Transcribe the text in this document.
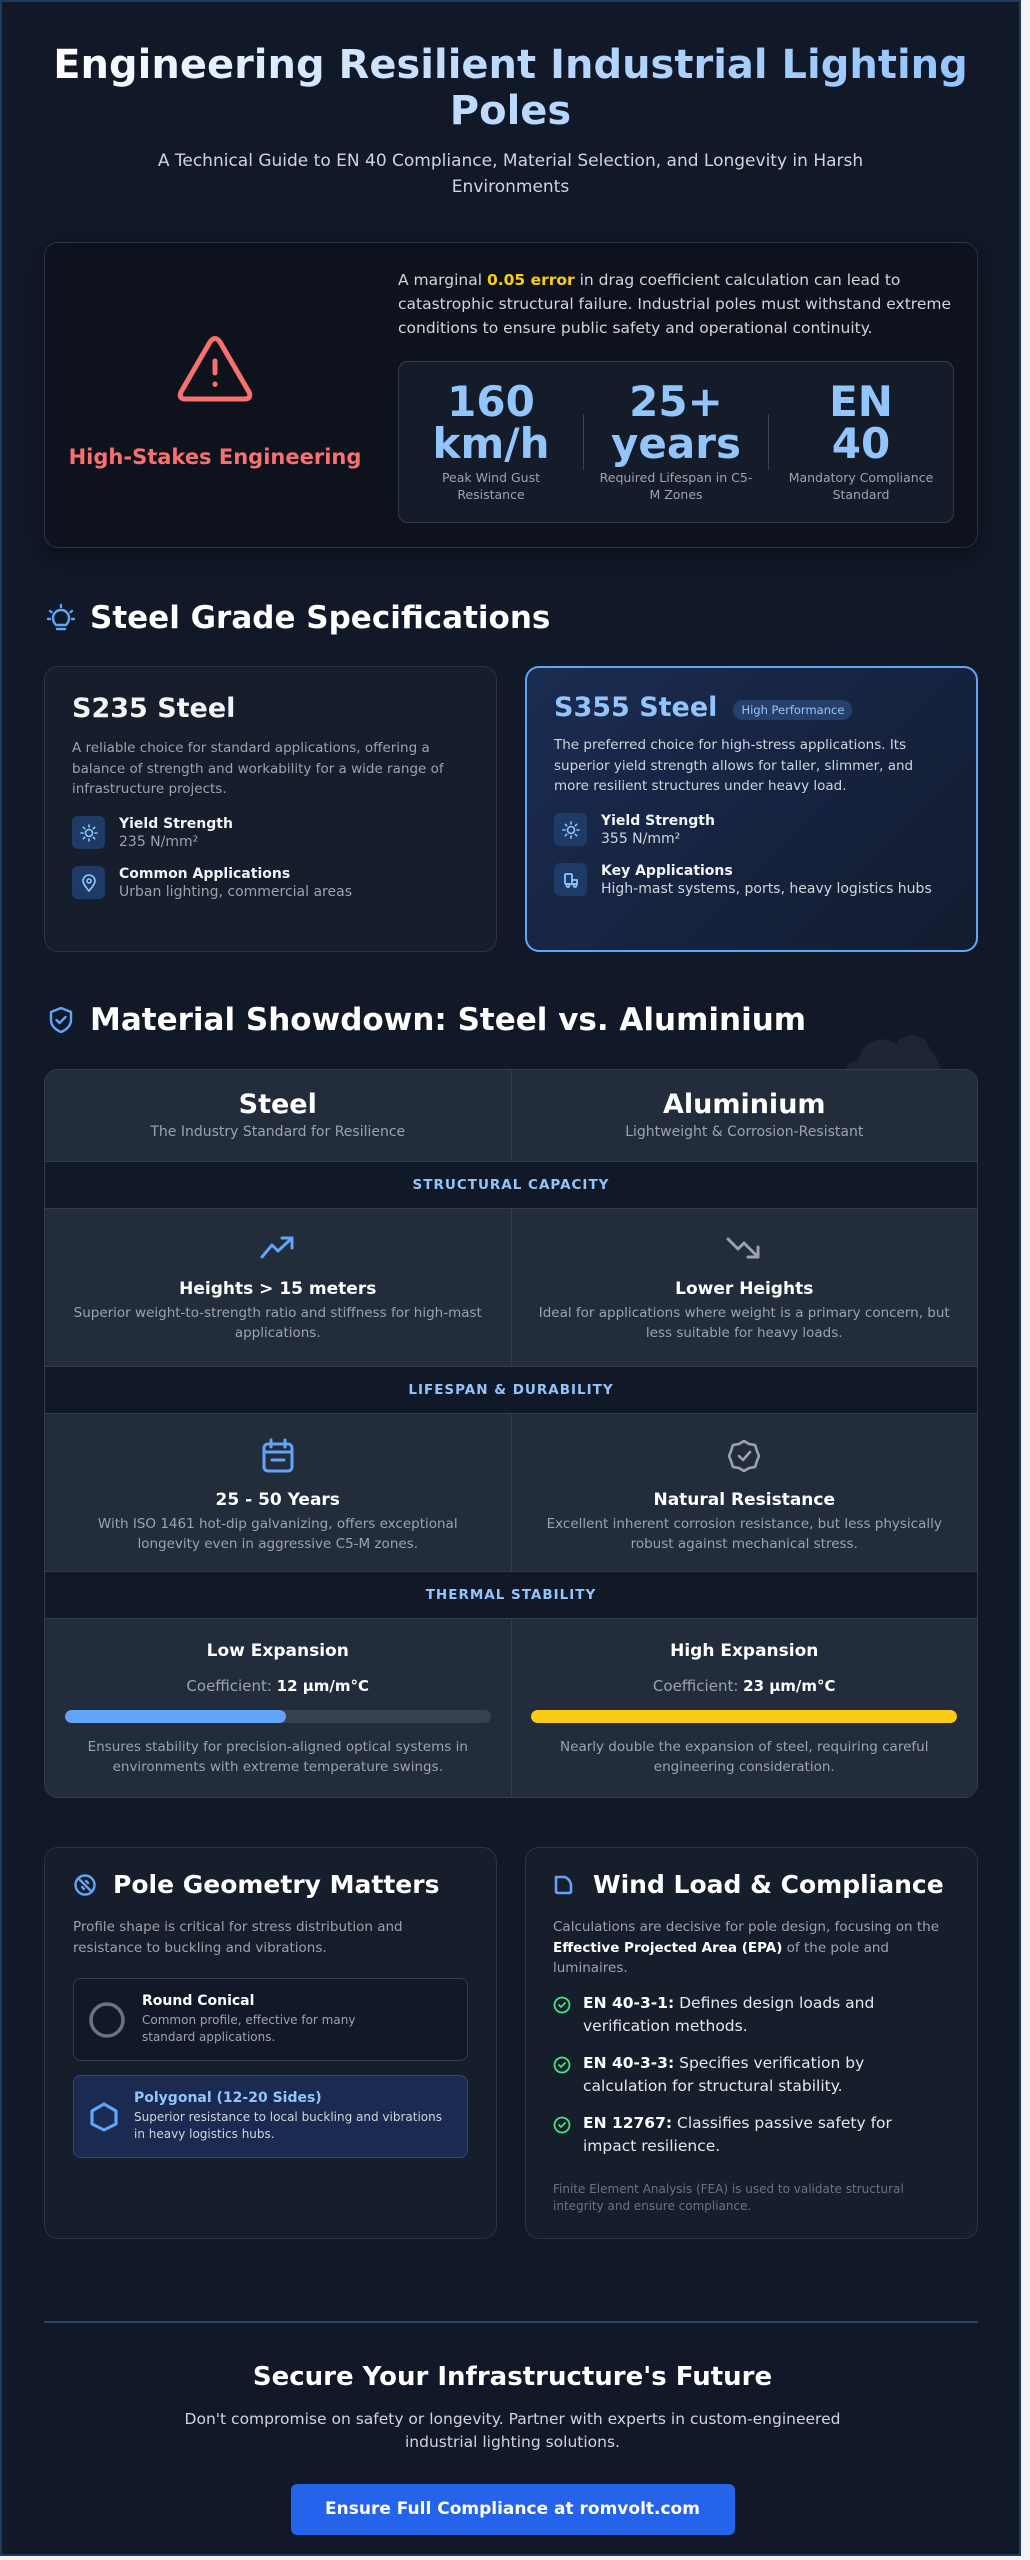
Engineering Resilient Industrial Lighting Poles

A Technical Guide to EN 40 Compliance, Material Selection, and Longevity in Harsh Environments

High-Stakes Engineering

A marginal 0.05 error in drag coefficient calculation can lead to catastrophic structural failure. Industrial poles must withstand extreme conditions to ensure public safety and operational continuity.

160
km/h
Peak Wind Gust Resistance
25+
years
Required Lifespan in C5-M Zones
EN
40
Mandatory Compliance Standard
Steel Grade Specifications
S235 Steel

A reliable choice for standard applications, offering a balance of strength and workability for a wide range of infrastructure projects.

Yield Strength
235 N/mm²
Common Applications
Urban lighting, commercial areas
S355 Steel	High Performance

The preferred choice for high-stress applications. Its superior yield strength allows for taller, slimmer, and more resilient structures under heavy load.

Yield Strength
355 N/mm²
Key Applications
High-mast systems, ports, heavy logistics hubs
Material Showdown: Steel vs. Aluminium
Steel
The Industry Standard for Resilience
Aluminium
Lightweight & Corrosion-Resistant
STRUCTURAL CAPACITY
Heights > 15 meters

Superior weight-to-strength ratio and stiffness for high-mast applications.

Lower Heights

Ideal for applications where weight is a primary concern, but less suitable for heavy loads.

LIFESPAN & DURABILITY
25 - 50 Years

With ISO 1461 hot-dip galvanizing, offers exceptional longevity even in aggressive C5-M zones.

Natural Resistance

Excellent inherent corrosion resistance, but less physically robust against mechanical stress.

THERMAL STABILITY
Low Expansion
Coefficient: 12 µm/m°C

Ensures stability for precision-aligned optical systems in environments with extreme temperature swings.

High Expansion
Coefficient: 23 µm/m°C

Nearly double the expansion of steel, requiring careful engineering consideration.

Pole Geometry Matters

Profile shape is critical for stress distribution and resistance to buckling and vibrations.

Round Conical
Common profile, effective for many standard applications.
Polygonal (12-20 Sides)
Superior resistance to local buckling and vibrations in heavy logistics hubs.
Wind Load & Compliance

Calculations are decisive for pole design, focusing on the Effective Projected Area (EPA) of the pole and luminaires.

EN 40-3-1: Defines design loads and verification methods.
EN 40-3-3: Specifies verification by calculation for structural stability.
EN 12767: Classifies passive safety for impact resilience.

Finite Element Analysis (FEA) is used to validate structural integrity and ensure compliance.

Secure Your Infrastructure's Future

Don't compromise on safety or longevity. Partner with experts in custom-engineered industrial lighting solutions.

Ensure Full Compliance at romvolt.com
